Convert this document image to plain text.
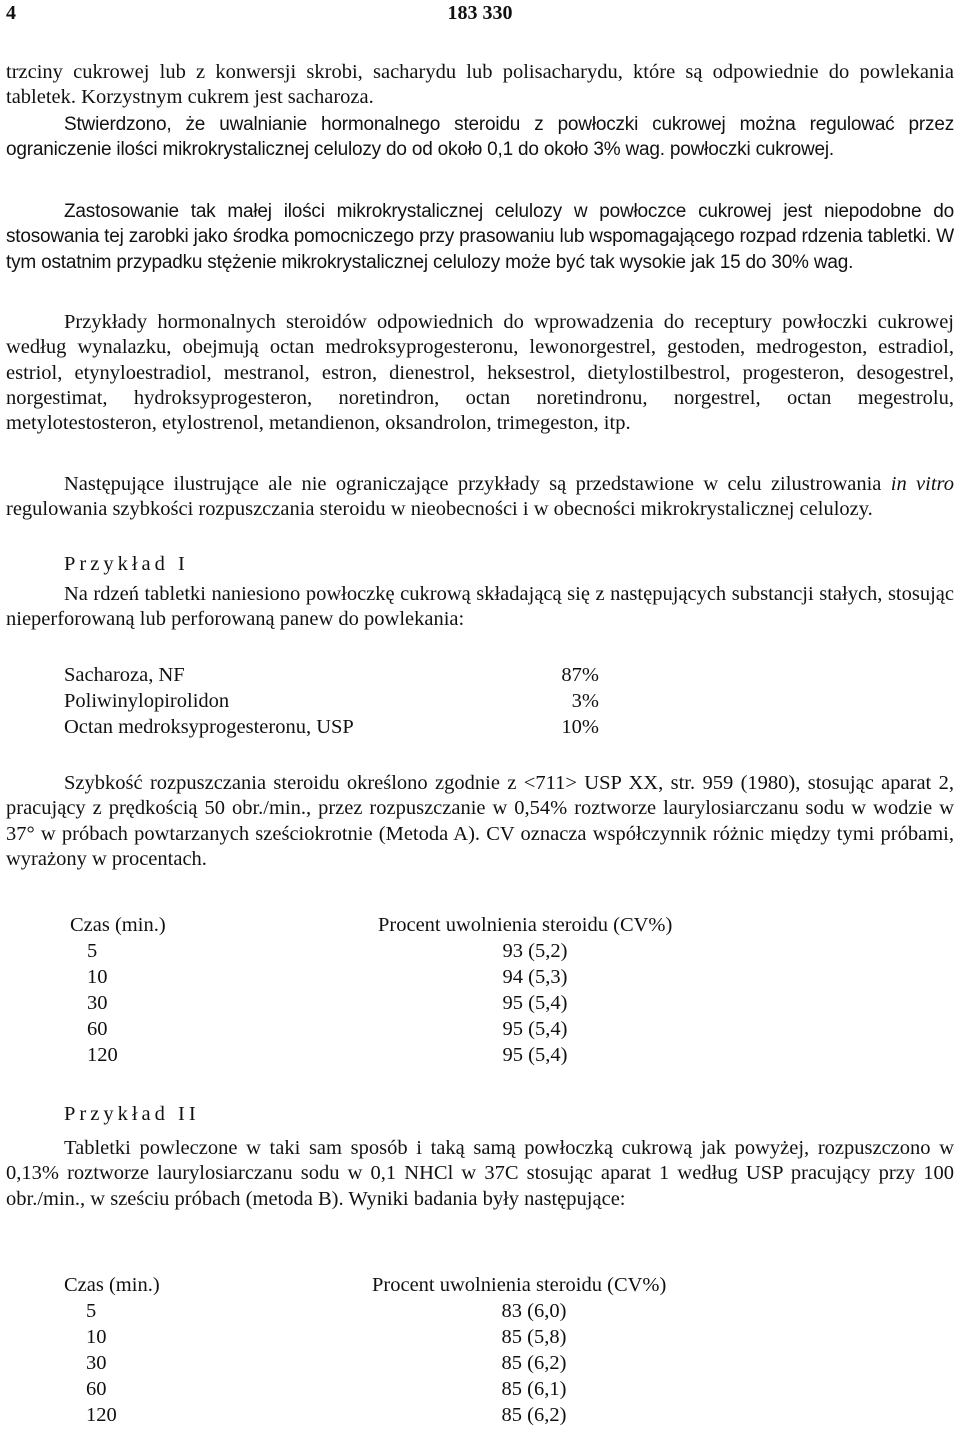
183 330
4

trzciny cukrowej lub z konwersji skrobi, sacharydu lub polisacharydu, które są odpowiednie do powlekania tabletek. Korzystnym cukrem jest sacharoza.

Stwierdzono, że uwalnianie hormonalnego steroidu z powłoczki cukrowej można regulować przez ograniczenie ilości mikrokrystalicznej celulozy do od około 0,1 do około 3% wag. powłoczki cukrowej.

Zastosowanie tak małej ilości mikrokrystalicznej celulozy w powłoczce cukrowej jest niepodobne do stosowania tej zarobki jako środka pomocniczego przy prasowaniu lub wspomagającego rozpad rdzenia tabletki. W tym ostatnim przypadku stężenie mikrokrystalicznej celulozy może być tak wysokie jak 15 do 30% wag.

Przykłady hormonalnych steroidów odpowiednich do wprowadzenia do receptury powłoczki cukrowej według wynalazku, obejmują octan medroksyprogesteronu, lewonorgestrel, gestoden, medrogeston, estradiol, estriol, etynyloestradiol, mestranol, estron, dienestrol, heksestrol, dietylostilbestrol, progesteron, desogestrel, norgestimat, hydroksyprogesteron, noretindron, octan noretindronu, norgestrel, octan megestrolu, metylotestosteron, etylostrenol, metandienon, oksandrolon, trimegeston, itp.

Następujące ilustrujące ale nie ograniczające przykłady są przedstawione w celu zilustrowania in vitro regulowania szybkości rozpuszczania steroidu w nieobecności i w obecności mikrokrystalicznej celulozy.

Przykład I

Na rdzeń tabletki naniesiono powłoczkę cukrową składającą się z następujących substancji stałych, stosując nieperforowaną lub perforowaną panew do powlekania:

Sacharoza, NF	87%
Poliwinylopirolidon	3%
Octan medroksyprogesteronu, USP	10%

Szybkość rozpuszczania steroidu określono zgodnie z <711> USP XX, str. 959 (1980), stosując aparat 2, pracujący z prędkością 50 obr./min., przez rozpuszczanie w 0,54% roztworze laurylosiarczanu sodu w wodzie w 37° w próbach powtarzanych sześciokrotnie (Metoda A). CV oznacza współczynnik różnic między tymi próbami, wyrażony w procentach.

Czas (min.)	Procent uwolnienia steroidu (CV%)
5	93 (5,2)
10	94 (5,3)
30	95 (5,4)
60	95 (5,4)
120	95 (5,4)

Przykład II

Tabletki powleczone w taki sam sposób i taką samą powłoczką cukrową jak powyżej, rozpuszczono w 0,13% roztworze laurylosiarczanu sodu w 0,1 NHCl w 37C stosując aparat 1 według USP pracujący przy 100 obr./min., w sześciu próbach (metoda B). Wyniki badania były następujące:

Czas (min.)	Procent uwolnienia steroidu (CV%)
5	83 (6,0)
10	85 (5,8)
30	85 (6,2)
60	85 (6,1)
120	85 (6,2)
